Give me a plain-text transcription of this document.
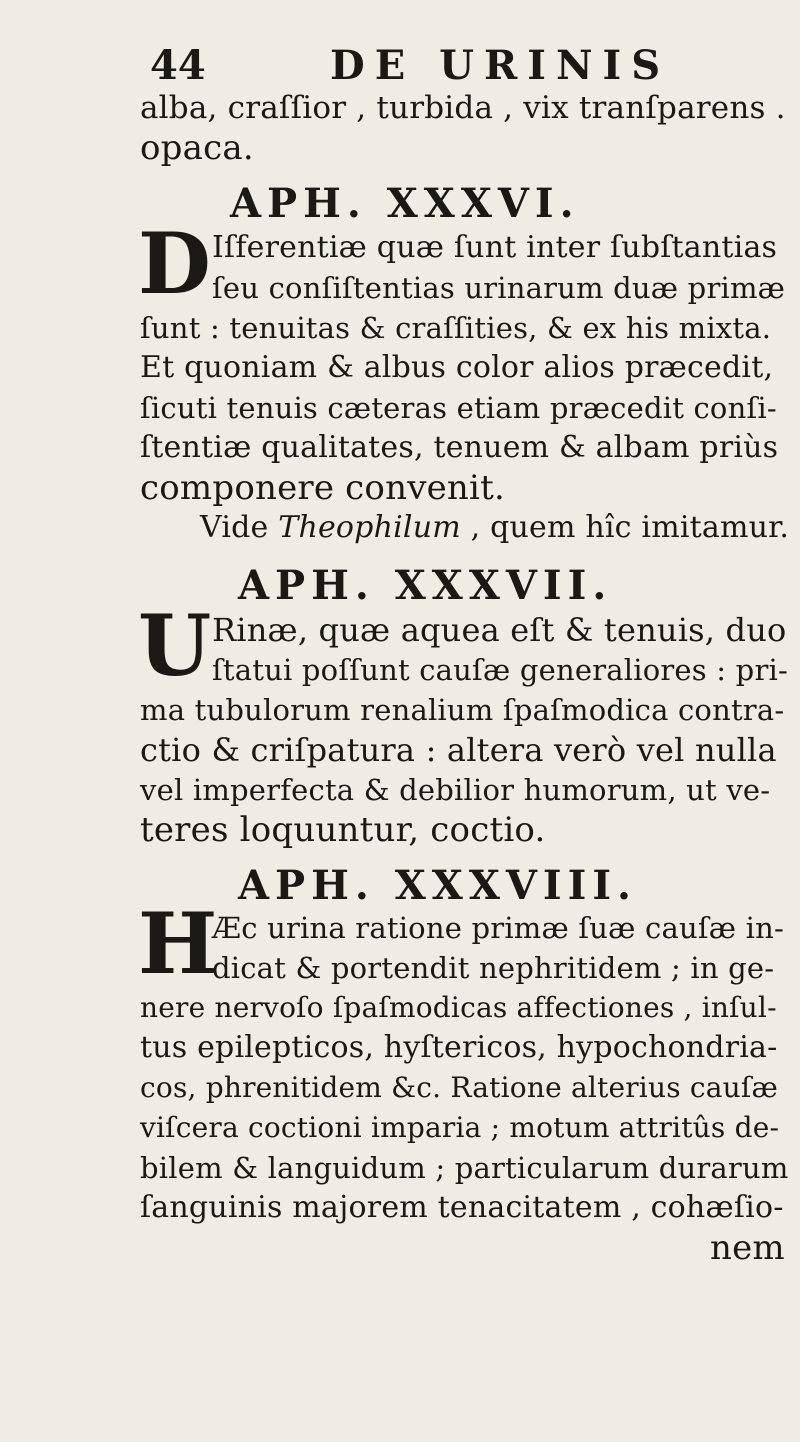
44	DE URINIS
alba, craſſior , turbida , vix tranſparens .
opaca.
APH. XXXVI.
D Iſferentiæ quæ ſunt inter ſubſtantias
ſeu conſiſtentias urinarum duæ primæ
ſunt : tenuitas & craſſities, & ex his mixta.
Et quoniam & albus color alios præcedit,
ſicuti tenuis cæteras etiam præcedit conſi-
ſtentiæ qualitates, tenuem & albam priùs
componere convenit.
Vide Theophilum , quem hîc imitamur.
APH. XXXVII.
U Rinæ, quæ aquea eſt & tenuis, duo
ſtatui poſſunt cauſæ generaliores : pri-
ma tubulorum renalium ſpaſmodica contra-
ctio & criſpatura : altera verò vel nulla
vel imperfecta & debilior humorum, ut ve-
teres loquuntur, coctio.
APH. XXXVIII.
H
Æc urina ratione primæ ſuæ cauſæ in-
dicat & portendit nephritidem ; in ge-
nere nervoſo ſpaſmodicas affectiones , inſul-
tus epilepticos, hyſtericos, hypochondria-
cos, phrenitidem &c. Ratione alterius cauſæ
viſcera coctioni imparia ; motum attritûs de-
bilem & languidum ; particularum durarum
ſanguinis majorem tenacitatem , cohæſio-
nem
